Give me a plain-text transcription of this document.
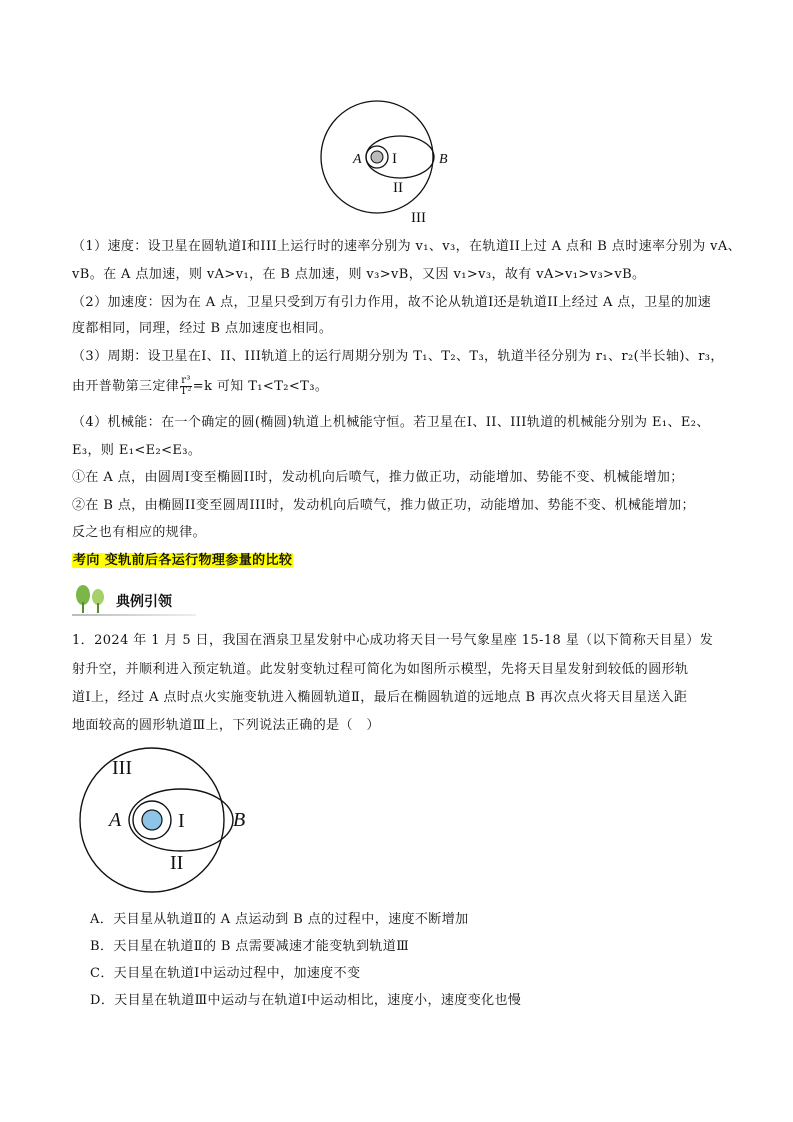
A I	B
II
III
（1）速度：设卫星在圆轨道I和III上运行时的速率分别为 v₁、v₃，在轨道II上过 A 点和 B 点时速率分别为 vA、
vB。在 A 点加速，则 vA>v₁，在 B 点加速，则 v₃>vB，又因 v₁>v₃，故有 vA>v₁>v₃>vB。
（2）加速度：因为在 A 点，卫星只受到万有引力作用，故不论从轨道I还是轨道II上经过 A 点，卫星的加速
度都相同，同理，经过 B 点加速度也相同。
（3）周期：设卫星在I、II、III轨道上的运行周期分别为 T₁、T₂、T₃，轨道半径分别为 r₁、r₂(半长轴)、r₃，
由开普勒第三定律 $\frac{\text{r³}}{\text{T²}} =k$ 可知 T₁<T₂<T₃。
（4）机械能：在一个确定的圆(椭圆)轨道上机械能守恒。若卫星在I、II、III轨道的机械能分别为 E₁、E₂、
E₃，则 E₁<E₂<E₃。
①在 A 点，由圆周I变至椭圆II时，发动机向后喷气，推力做正功，动能增加、势能不变、机械能增加；
②在 B 点，由椭圆II变至圆周III时，发动机向后喷气，推力做正功，动能增加、势能不变、机械能增加；
反之也有相应的规律。
考向 变轨前后各运行物理参量的比较
典例引领
1．2024 年 1 月 5 日，我国在酒泉卫星发射中心成功将天目一号气象星座 15-18 星（以下简称天目星）发
射升空，并顺利进入预定轨道。此发射变轨过程可简化为如图所示模型，先将天目星发射到较低的圆形轨
道Ⅰ上，经过 A 点时点火实施变轨进入椭圆轨道Ⅱ，最后在椭圆轨道的远地点 B 再次点火将天目星送入距
地面较高的圆形轨道Ⅲ上，下列说法正确的是（　）
III
A	I B
II
A．天目星从轨道Ⅱ的 A 点运动到 B 点的过程中，速度不断增加
B．天目星在轨道Ⅱ的 B 点需要减速才能变轨到轨道Ⅲ
C．天目星在轨道Ⅰ中运动过程中，加速度不变
D．天目星在轨道Ⅲ中运动与在轨道Ⅰ中运动相比，速度小，速度变化也慢
